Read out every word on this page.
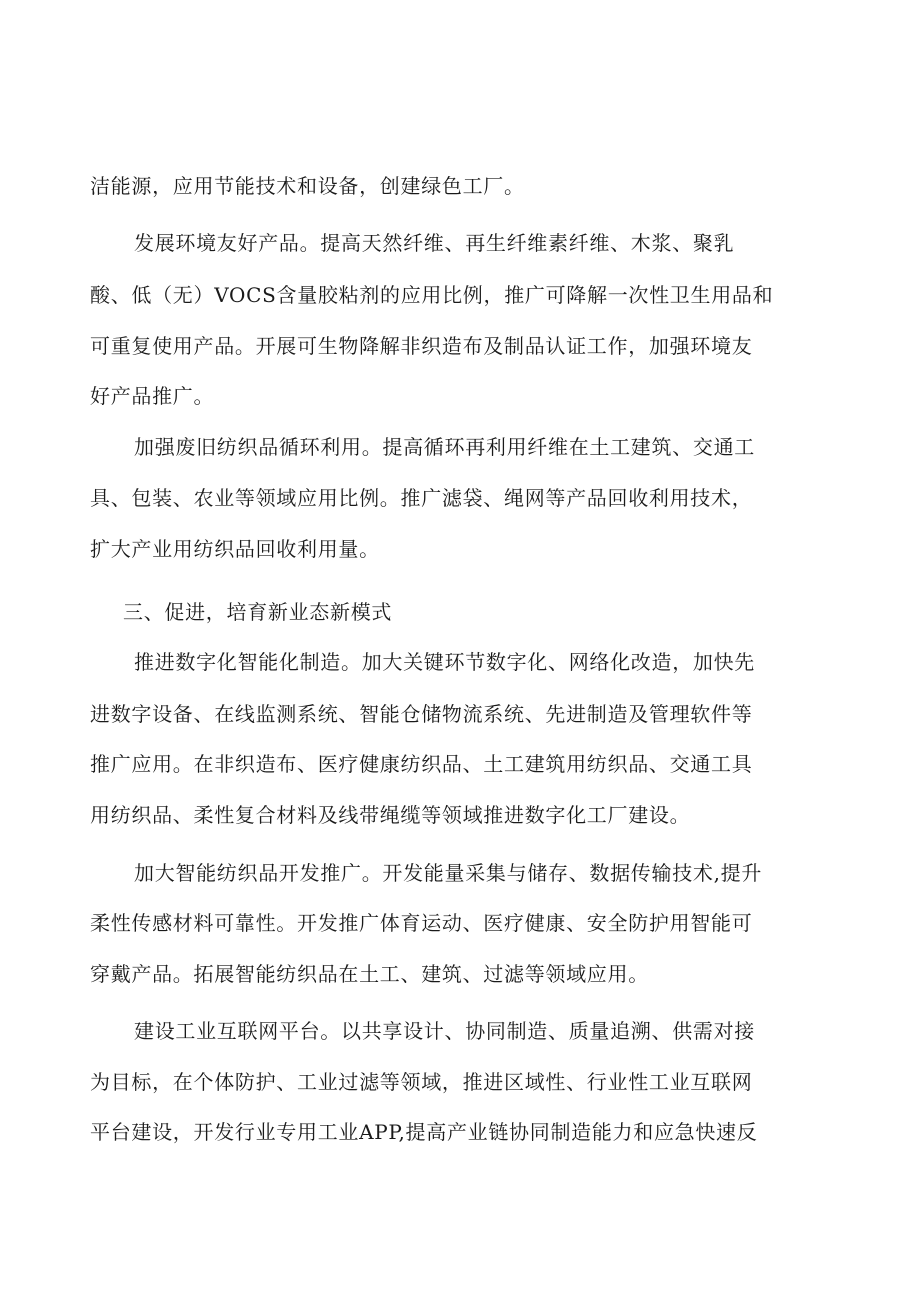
洁能源，应用节能技术和设备，创建绿色工厂。
发展环境友好产品。提高天然纤维、再生纤维素纤维、木浆、聚乳
酸、低（无）VOCS含量胶粘剂的应用比例，推广可降解一次性卫生用品和
可重复使用产品。开展可生物降解非织造布及制品认证工作，加强环境友
好产品推广。
加强废旧纺织品循环利用。提高循环再利用纤维在土工建筑、交通工
具、包装、农业等领域应用比例。推广滤袋、绳网等产品回收利用技术，
扩大产业用纺织品回收利用量。
三、促进，培育新业态新模式
推进数字化智能化制造。加大关键环节数字化、网络化改造，加快先
进数字设备、在线监测系统、智能仓储物流系统、先进制造及管理软件等
推广应用。在非织造布、医疗健康纺织品、土工建筑用纺织品、交通工具
用纺织品、柔性复合材料及线带绳缆等领域推进数字化工厂建设。
加大智能纺织品开发推广。开发能量采集与储存、数据传输技术,提升
柔性传感材料可靠性。开发推广体育运动、医疗健康、安全防护用智能可
穿戴产品。拓展智能纺织品在土工、建筑、过滤等领域应用。
建设工业互联网平台。以共享设计、协同制造、质量追溯、供需对接
为目标，在个体防护、工业过滤等领域，推进区域性、行业性工业互联网
平台建设，开发行业专用工业APP,提高产业链协同制造能力和应急快速反
